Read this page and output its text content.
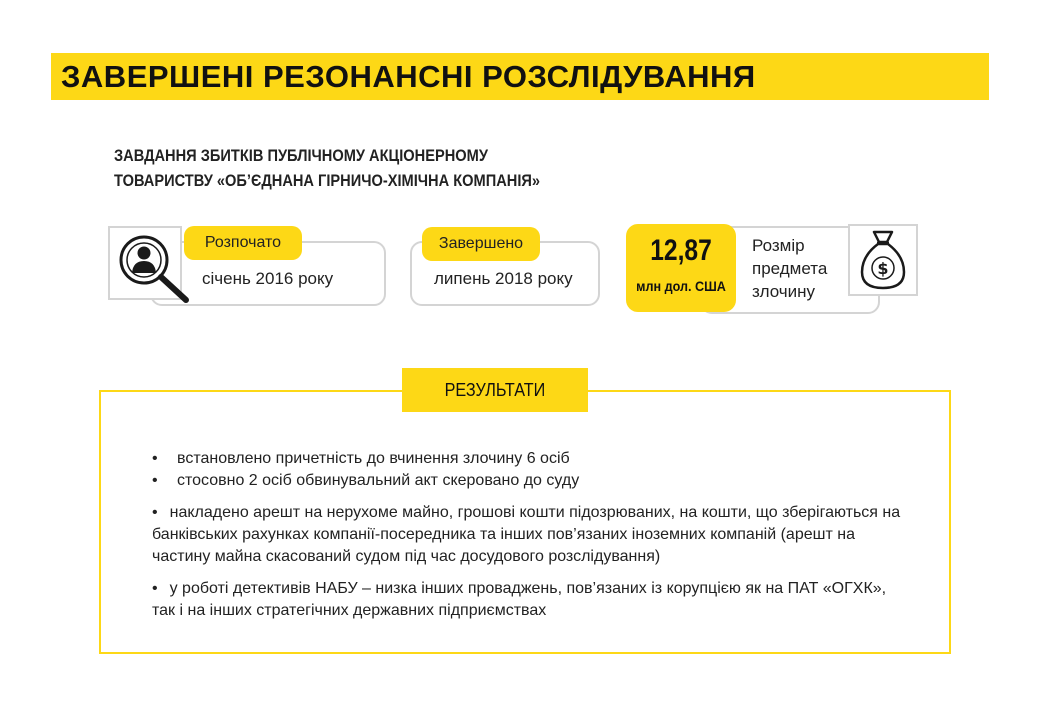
ЗАВЕРШЕНІ РЕЗОНАНСНІ РОЗСЛІДУВАННЯ
ЗАВДАННЯ ЗБИТКІВ ПУБЛІЧНОМУ АКЦІОНЕРНОМУ
ТОВАРИСТВУ «ОБ’ЄДНАНА ГІРНИЧО-ХІМІЧНА КОМПАНІЯ»
січень 2016 року
Розпочато
липень 2018 року
Завершено	12,87
млн дол. США
Розмір
предмета
злочину
$
РЕЗУЛЬТАТИ
• встановлено причетність до вчинення злочину 6 осіб
• стосовно 2 осіб обвинувальний акт скеровано до суду
• накладено арешт на нерухоме майно, грошові кошти підозрюваних, на кошти, що зберігаються на банківських рахунках компанії-посередника та інших пов’язаних іноземних компаній (арешт на частину майна скасований судом під час досудового розслідування)
• у роботі детективів НАБУ – низка інших проваджень, пов’язаних із корупцією як на ПАТ «ОГХК», так і на інших стратегічних державних підприємствах
